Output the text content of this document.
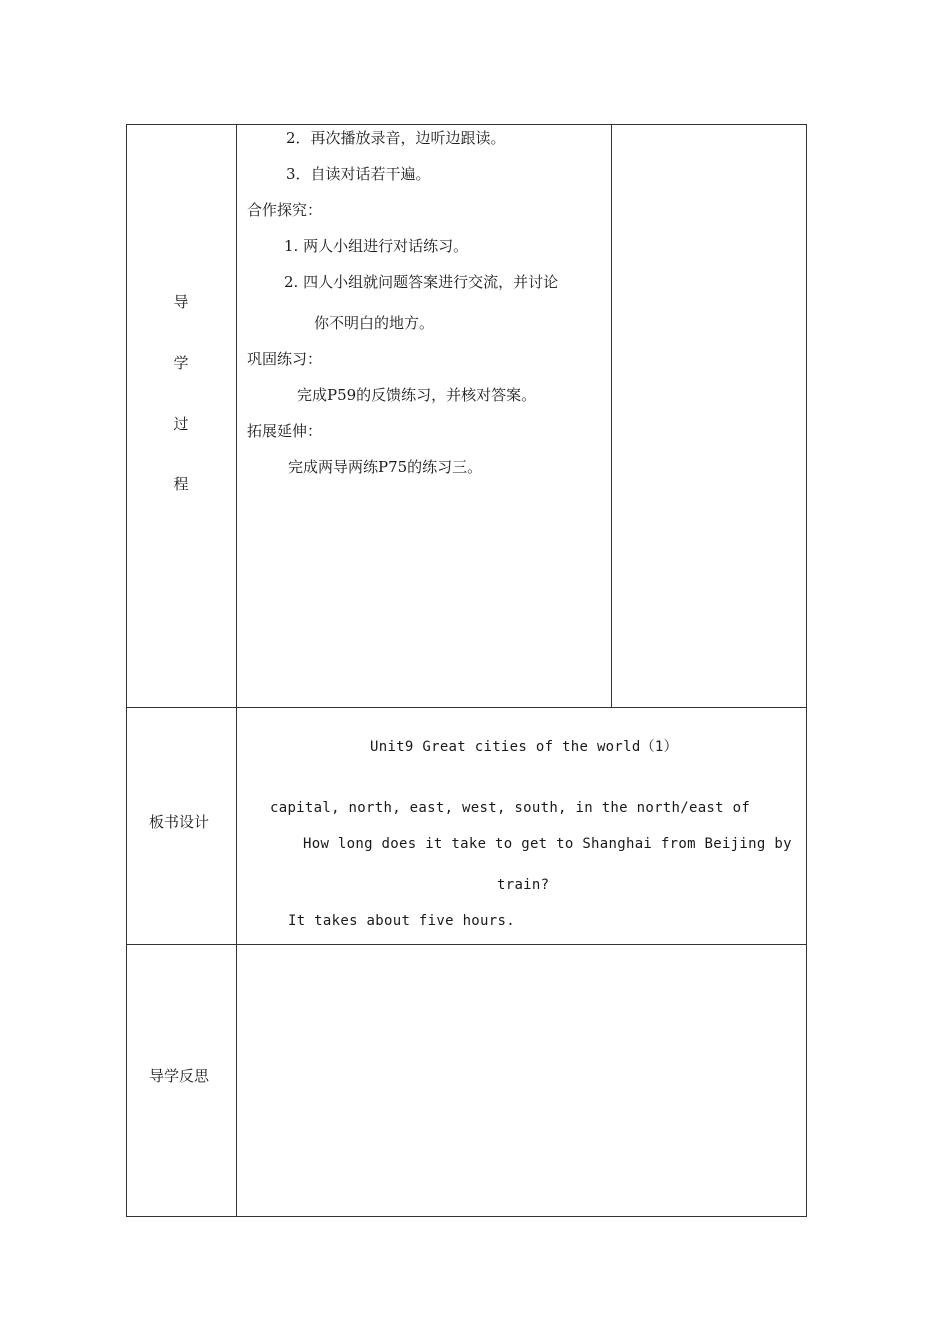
导
学
过
程
2．再次播放录音，边听边跟读。
3．自读对话若干遍。
合作探究：
1. 两人小组进行对话练习。
2. 四人小组就问题答案进行交流，并讨论
你不明白的地方。
巩固练习：
完成P59的反馈练习，并核对答案。
拓展延伸：
完成两导两练P75的练习三。
板书设计
Unit9 Great cities of the world（1）
capital, north, east, west, south, in the north/east of
How long does it take to get to Shanghai from Beijing by
train?
It takes about five hours.
导学反思
